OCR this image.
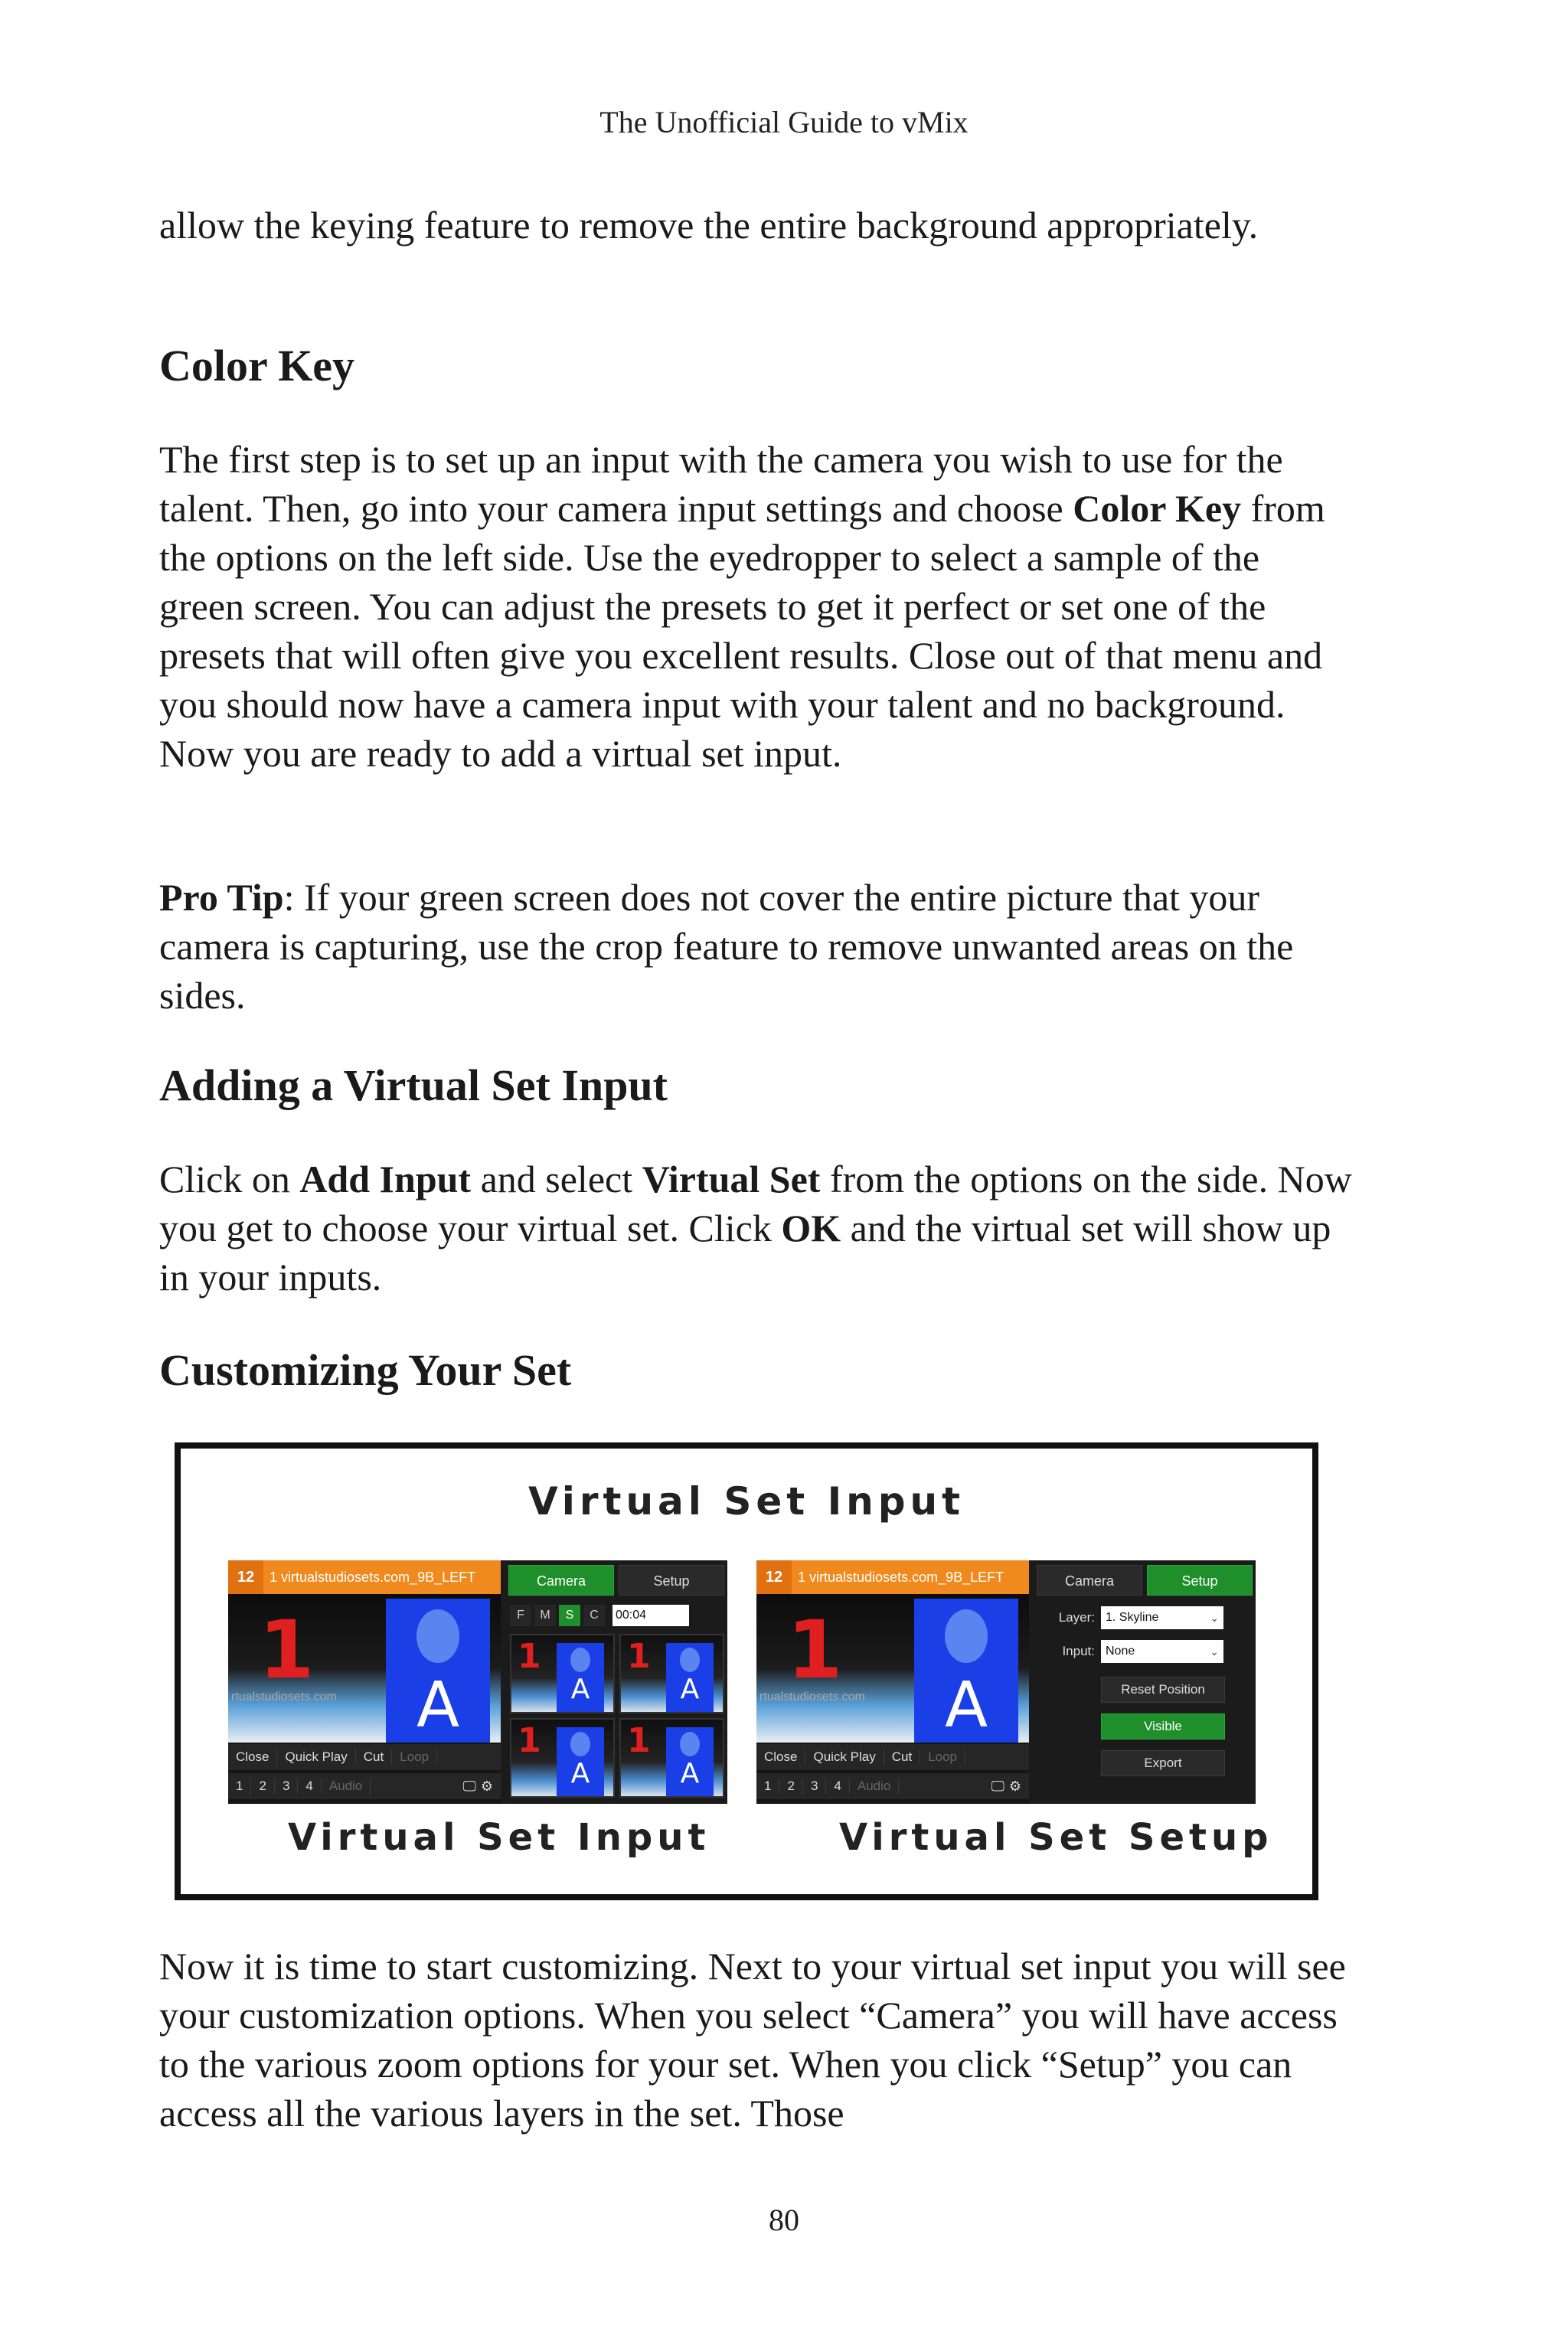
The Unofficial Guide to vMix

allow the keying feature to remove the entire background appropriately.

Color Key

The first step is to set up an input with the camera you wish to use for the talent. Then, go into your camera input settings and choose Color Key from the options on the left side. Use the eyedropper to select a sample of the green screen. You can adjust the presets to get it perfect or set one of the presets that will often give you excellent results. Close out of that menu and you should now have a camera input with your talent and no background. Now you are ready to add a virtual set input.

Pro Tip: If your green screen does not cover the entire picture that your camera is capturing, use the crop feature to remove unwanted areas on the sides.

Adding a Virtual Set Input

Click on Add Input and select Virtual Set from the options on the side. Now you get to choose your virtual set. Click OK and the virtual set will show up in your inputs.

Customizing Your Set
Virtual Set Input
12	1 virtualstudiosets.com_9B_LEFT
1
rtualstudiosets.com	A
Close	Quick Play	Cut	Loop
1	2	3	4	Audio	🖵 ⚙
Camera	Setup
F	M	S	C	00:04
1
A
1
A
1
A
1
A
12	1 virtualstudiosets.com_9B_LEFT
1
rtualstudiosets.com	A
Close	Quick Play	Cut	Loop
1	2	3	4	Audio	🖵 ⚙
Camera	Setup
Layer: 1. Skyline	⌄
Input: None	⌄
Reset Position
Visible
Export
Virtual Set Input	Virtual Set Setup

Now it is time to start customizing. Next to your virtual set input you will see your customization options. When you select “Camera” you will have access to the various zoom options for your set. When you click “Setup” you can access all the various layers in the set. Those

80
